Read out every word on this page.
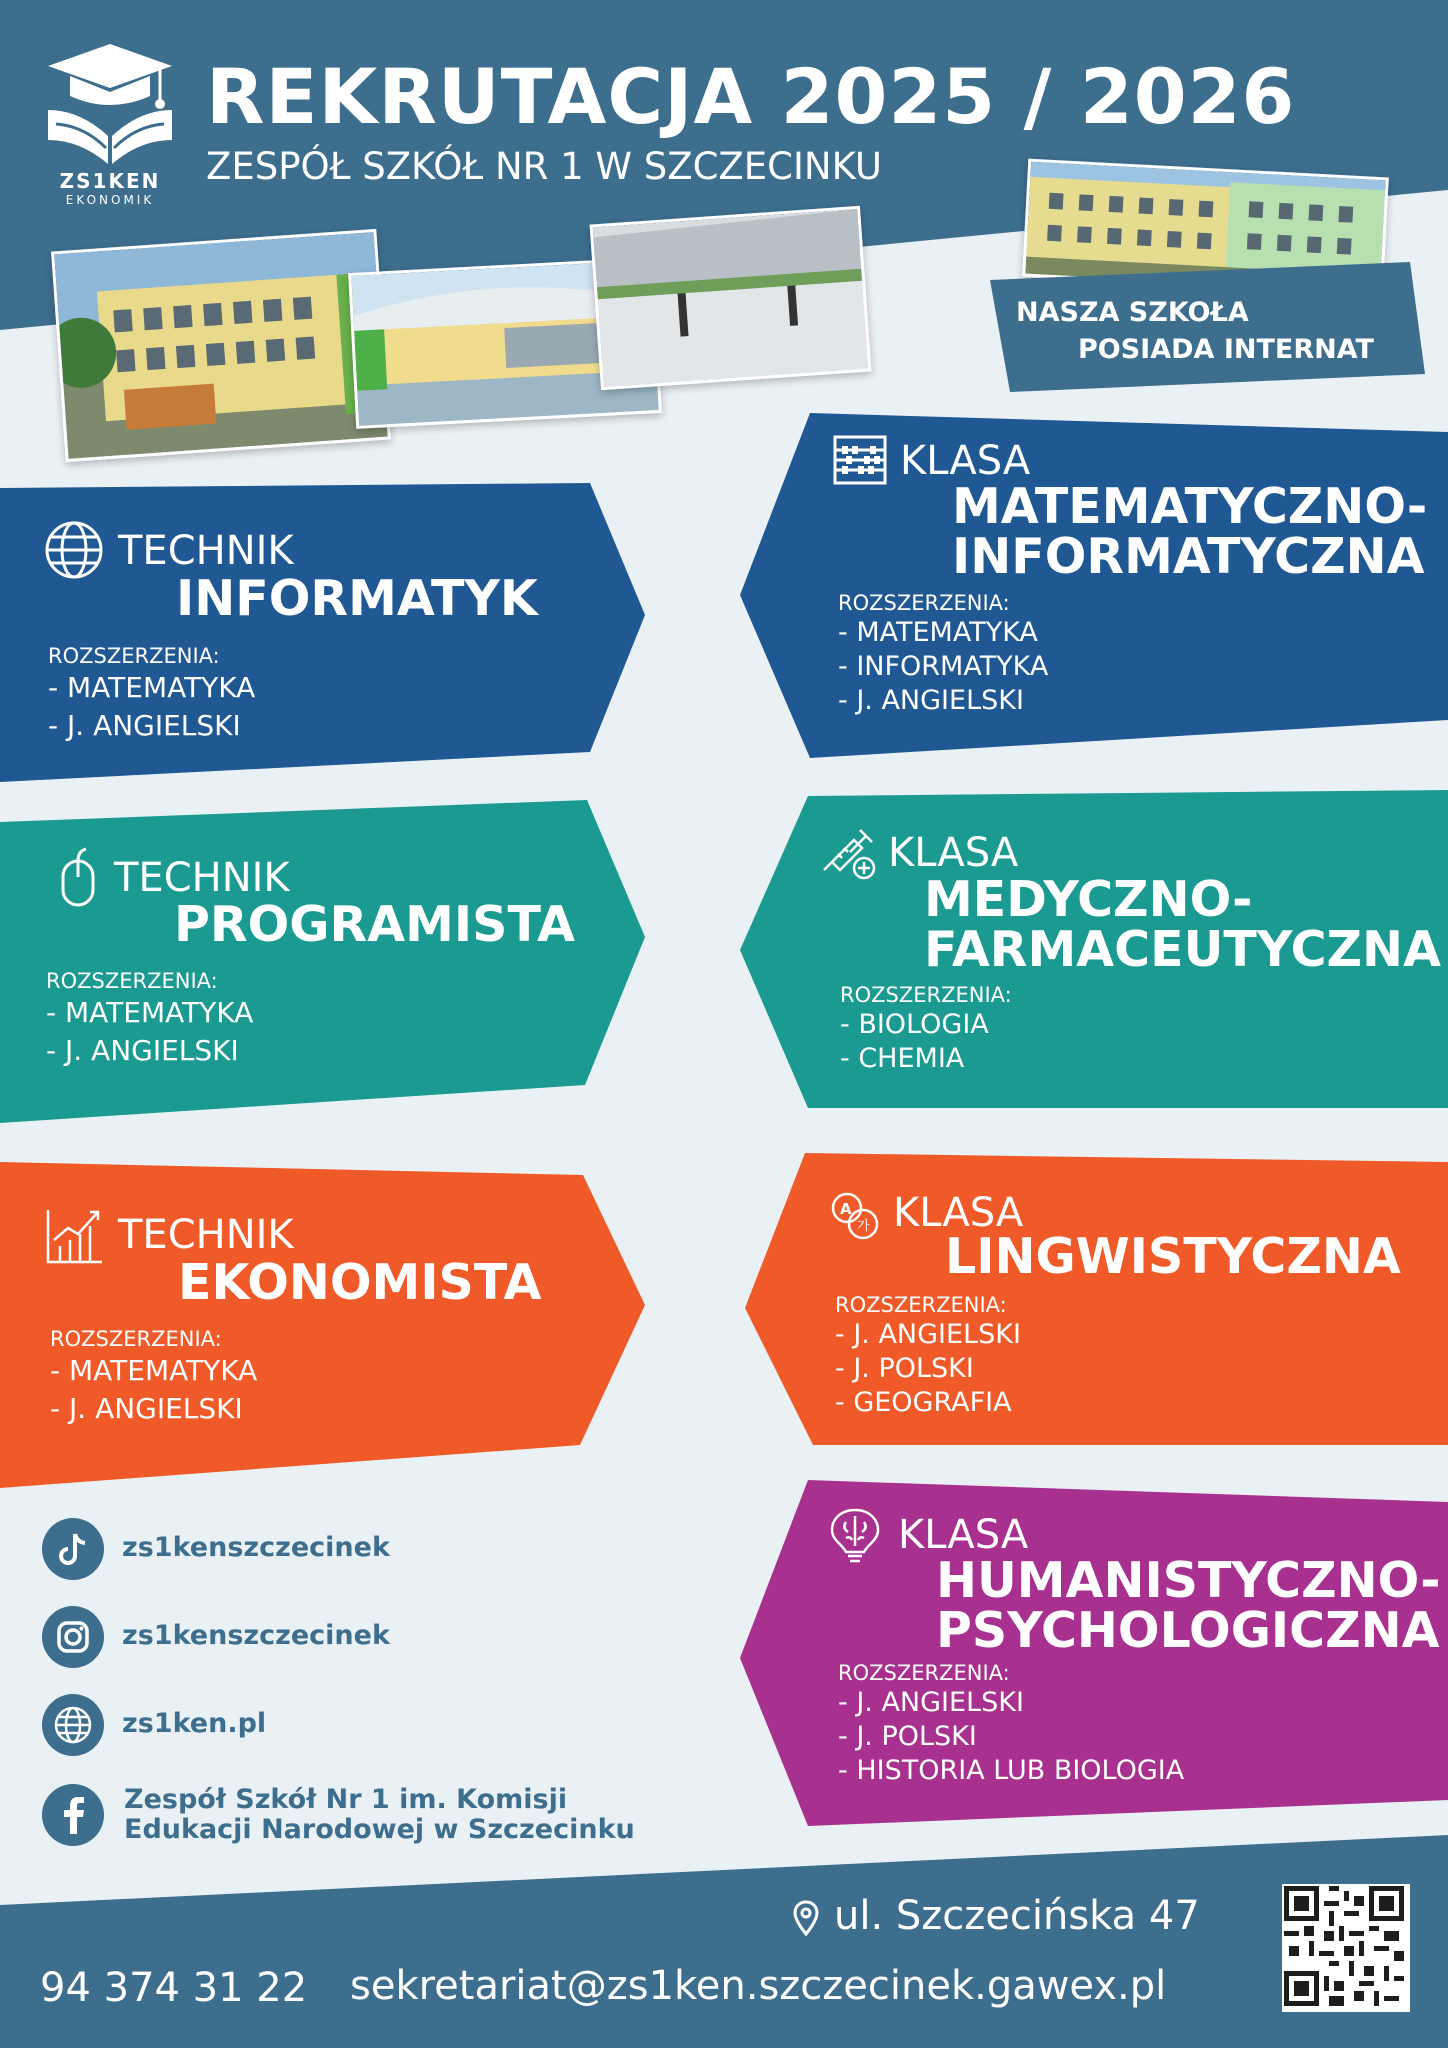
ZS1KEN
EKONOMIK
REKRUTACJA 2025 / 2026
ZESPÓŁ SZKÓŁ NR 1 W SZCZECINKU
NASZA SZKOŁA
POSIADA INTERNAT
TECHNIK
INFORMATYK
ROZSZERZENIA:
- MATEMATYKA
- J. ANGIELSKI
TECHNIK
PROGRAMISTA
ROZSZERZENIA:
- MATEMATYKA
- J. ANGIELSKI
TECHNIK
EKONOMISTA
ROZSZERZENIA:
- MATEMATYKA
- J. ANGIELSKI
KLASA
MATEMATYCZNO-
INFORMATYCZNA
ROZSZERZENIA:
- MATEMATYKA
- INFORMATYKA
- J. ANGIELSKI
KLASA
MEDYCZNO-
FARMACEUTYCZNA
ROZSZERZENIA:
- BIOLOGIA
- CHEMIA
A
가 KLASA
LINGWISTYCZNA
ROZSZERZENIA:
- J. ANGIELSKI
- J. POLSKI
- GEOGRAFIA
KLASA
HUMANISTYCZNO-
PSYCHOLOGICZNA
ROZSZERZENIA:
- J. ANGIELSKI
- J. POLSKI
- HISTORIA LUB BIOLOGIA
zs1kenszczecinek
zs1kenszczecinek
zs1ken.pl
Zespół Szkół Nr 1 im. Komisji
Edukacji Narodowej w Szczecinku
ul. Szczecińska 47
94 374 31 22 sekretariat@zs1ken.szczecinek.gawex.pl
